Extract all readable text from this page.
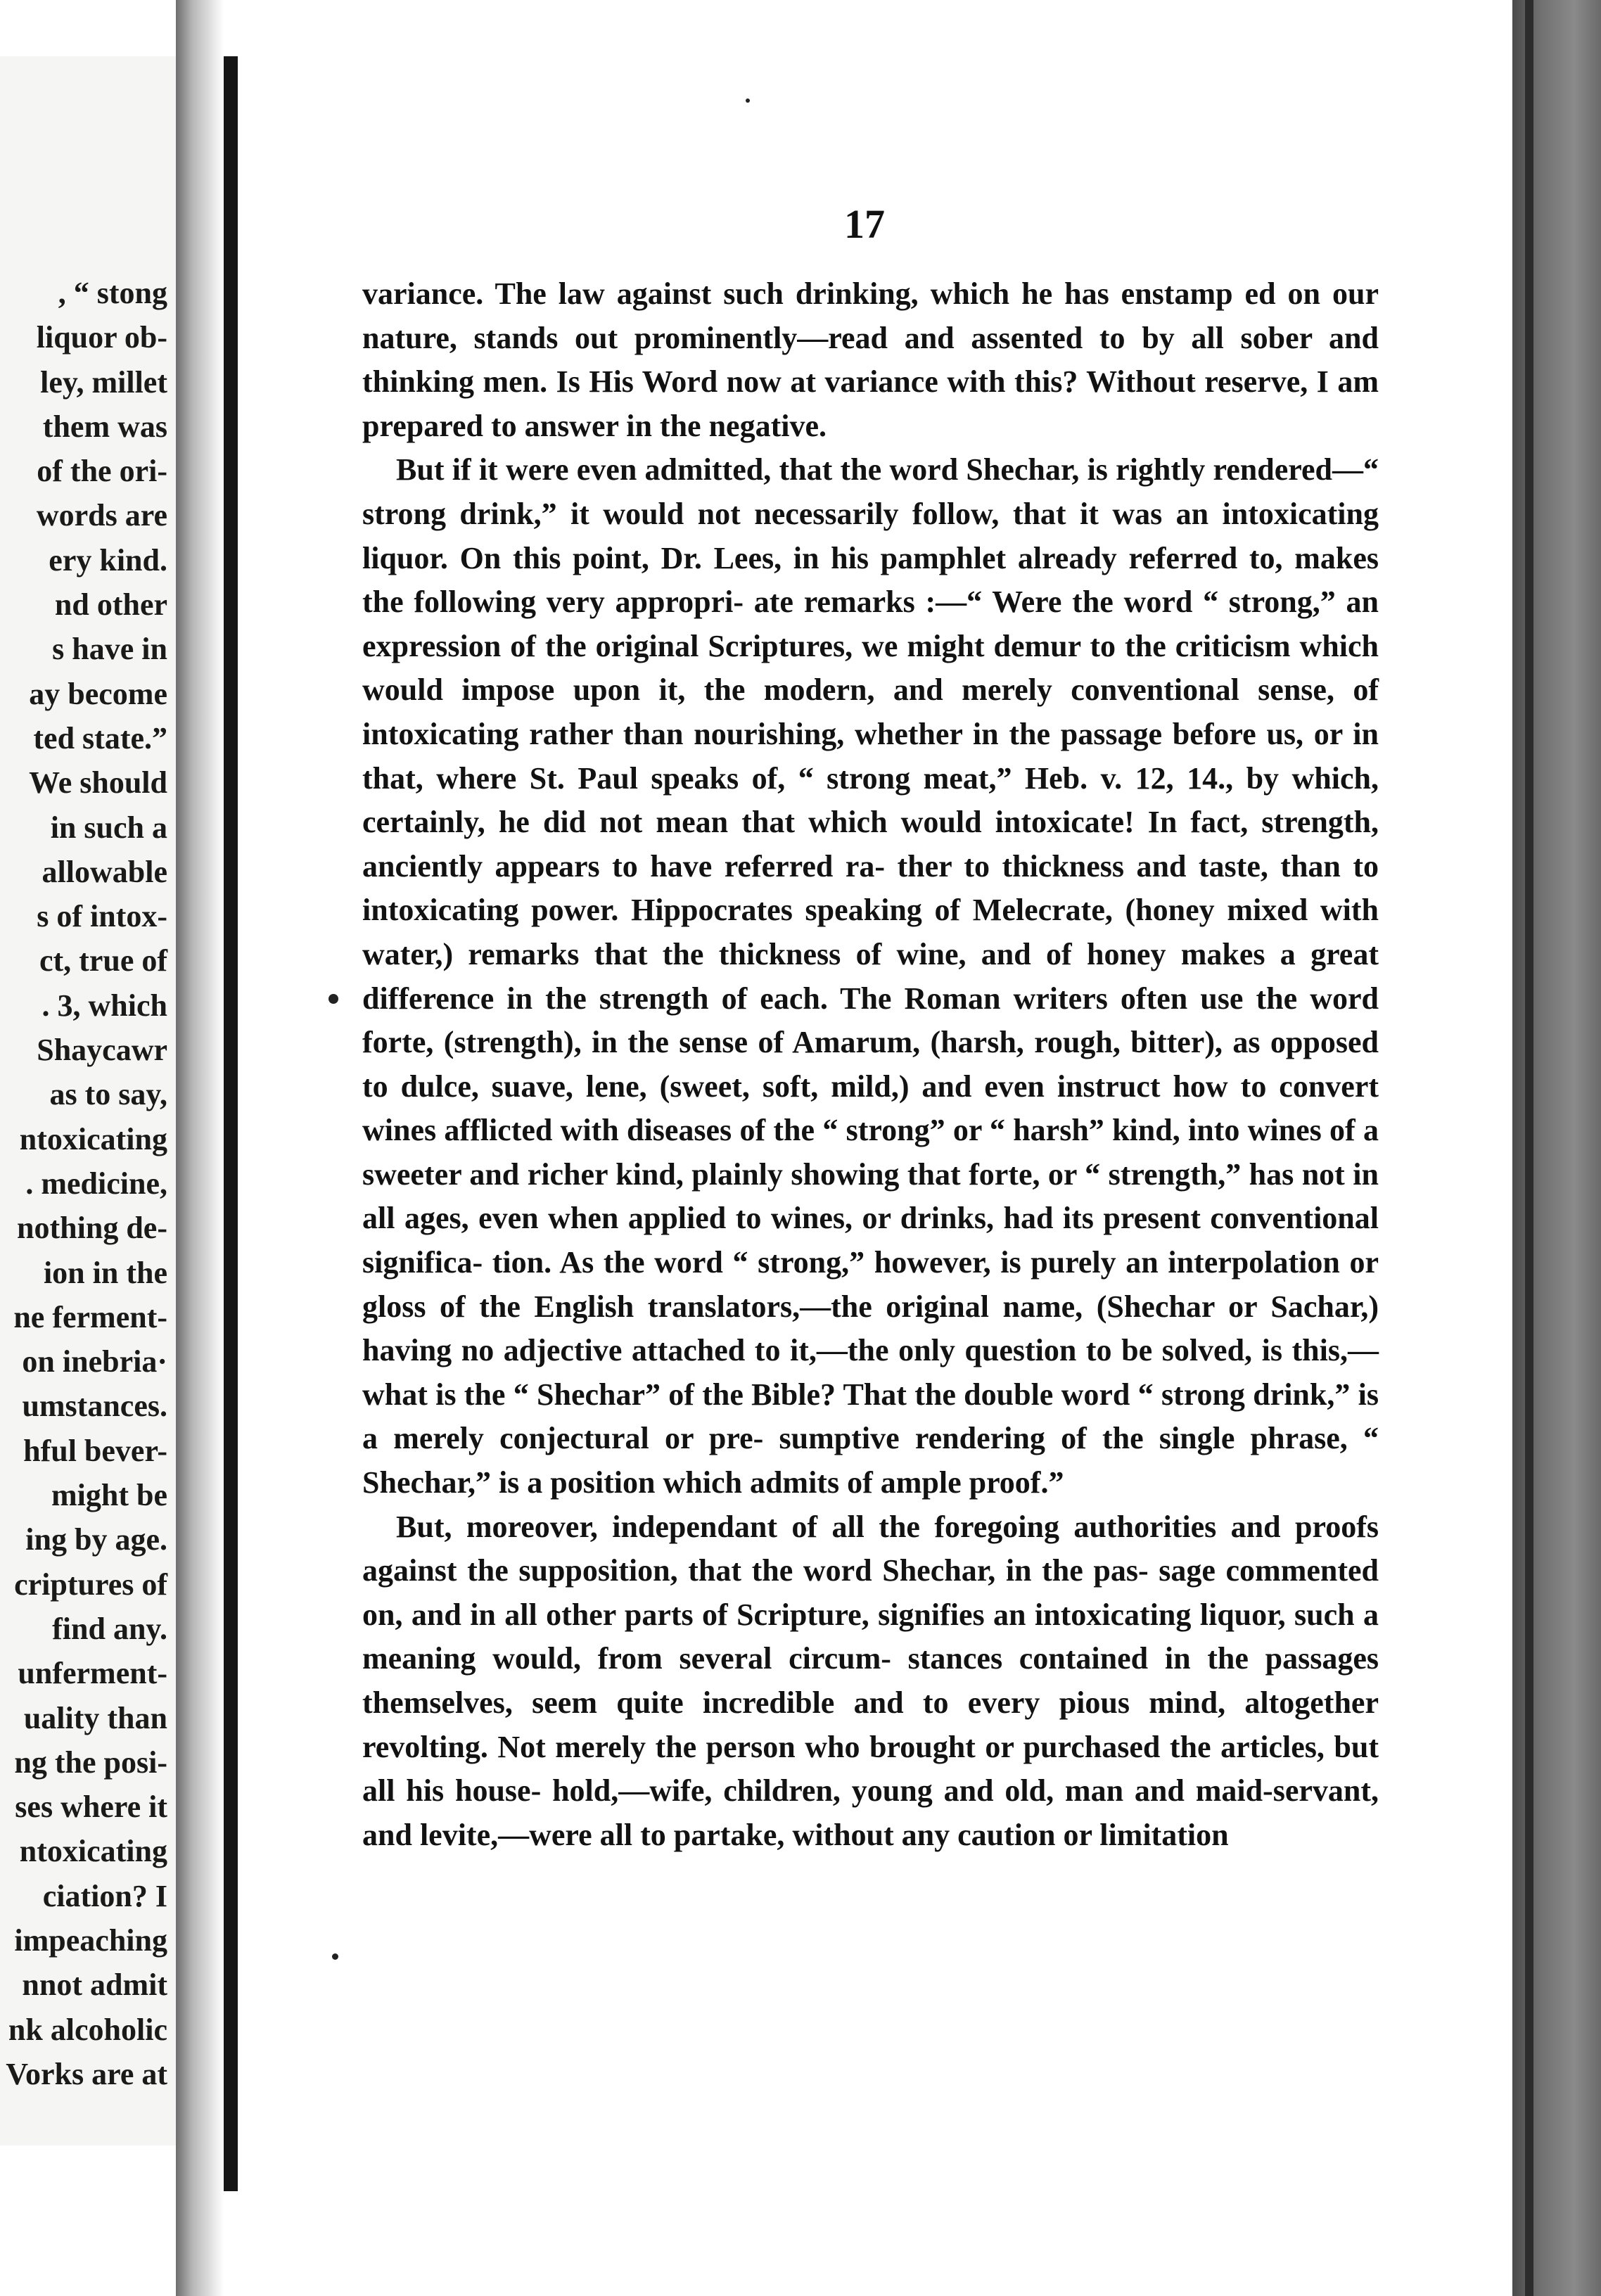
, “ stong
liquor ob-
ley, millet
them was
of the ori-
words are
ery kind.
nd other
s have in
ay become
ted state.”
We should
in such a
allowable
s of intox-
ct, true of
. 3, which
Shaycawr
as to say,
ntoxicating
. medicine,
nothing de-
ion in the
ne ferment-
on inebria·
umstances.
hful bever-
might be
ing by age.
criptures of
find any.
unferment-
uality than
ng the posi-
ses where it
ntoxicating
ciation? I
impeaching
nnot admit
nk alcoholic
Vorks are at
17

variance. The law against such drinking, which he has enstamp ed on our nature, stands out prominently—read and assented to by all sober and thinking men. Is His Word now at variance with this? Without reserve, I am prepared to answer in the negative.

But if it were even admitted, that the word Shechar, is rightly rendered—“ strong drink,” it would not necessarily follow, that it was an intoxicating liquor. On this point, Dr. Lees, in his pamphlet already referred to, makes the following very appropri- ate remarks :—“ Were the word “ strong,” an expression of the original Scriptures, we might demur to the criticism which would impose upon it, the modern, and merely conventional sense, of intoxicating rather than nourishing, whether in the passage before us, or in that, where St. Paul speaks of, “ strong meat,” Heb. v. 12, 14., by which, certainly, he did not mean that which would intoxicate! In fact, strength, anciently appears to have referred ra- ther to thickness and taste, than to intoxicating power. Hippocrates speaking of Melecrate, (honey mixed with water,) remarks that the thickness of wine, and of honey makes a great difference in the strength of each. The Roman writers often use the word forte, (strength), in the sense of Amarum, (harsh, rough, bitter), as opposed to dulce, suave, lene, (sweet, soft, mild,) and even instruct how to convert wines afflicted with diseases of the “ strong” or “ harsh” kind, into wines of a sweeter and richer kind, plainly showing that forte, or “ strength,” has not in all ages, even when applied to wines, or drinks, had its present conventional significa- tion. As the word “ strong,” however, is purely an interpolation or gloss of the English translators,—the original name, (Shechar or Sachar,) having no adjective attached to it,—the only question to be solved, is this,—what is the “ Shechar” of the Bible? That the double word “ strong drink,” is a merely conjectural or pre- sumptive rendering of the single phrase, “ Shechar,” is a position which admits of ample proof.”

But, moreover, independant of all the foregoing authorities and proofs against the supposition, that the word Shechar, in the pas- sage commented on, and in all other parts of Scripture, signifies an intoxicating liquor, such a meaning would, from several circum- stances contained in the passages themselves, seem quite incredible and to every pious mind, altogether revolting. Not merely the person who brought or purchased the articles, but all his house- hold,—wife, children, young and old, man and maid-servant, and levite,—were all to partake, without any caution or limitation
